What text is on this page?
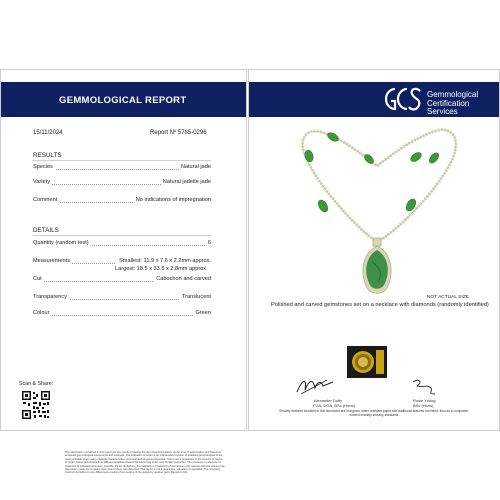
GEMMOLOGICAL REPORT
15/11/2024	Report Nº 5785-0296
RESULTS
Species	Natural jade
Variety	Natural jadeite jade
Comment	No indications of impregnation
DETAILS
Quantity (random test)	6
Measurements	Smallest: 11.9 x 7.6 x 2.2mm approx.
Largest: 18.5 x 33.5 x 2.8mm approx.
Cut	Cabochon and carved
Transparency	Translucent
Colour	Green
Scan & Share:
The information contained in this report are the results of testing the item described above, at the time of examination and based on accepted gemmological instruments and methods. The indication of origin is an independent opinion of qualified gemmologists of the most probable origin using material characteristics, chemical and physical properties. This is not a guarantee of the country or region of origin. Some gemstones from different localities around the world may share very similar properties. The presence or absence of treatment is indicated whenever possible. By the limitations, the indication of treatment of gemstones only assures that the stones may have been made but it means that none of them was detected. This report is not a guarantee, valuation or appraisal. The company shall not be liable for any differences resulting from testing of the goods by another party figured on file.
Gemmological
Certification
Services
NOT ACTUAL SIZE
Polished and carved gemstones set on a necklace with diamonds (randomly identified)
Alexander Duffy
FGA, DGA, BSc (Hons)
Rosie Young
BSc (Hons)
Security features included in this document are hologram, water resistant paper and additional features not listed, thus as a composite, exceed industry security standards
